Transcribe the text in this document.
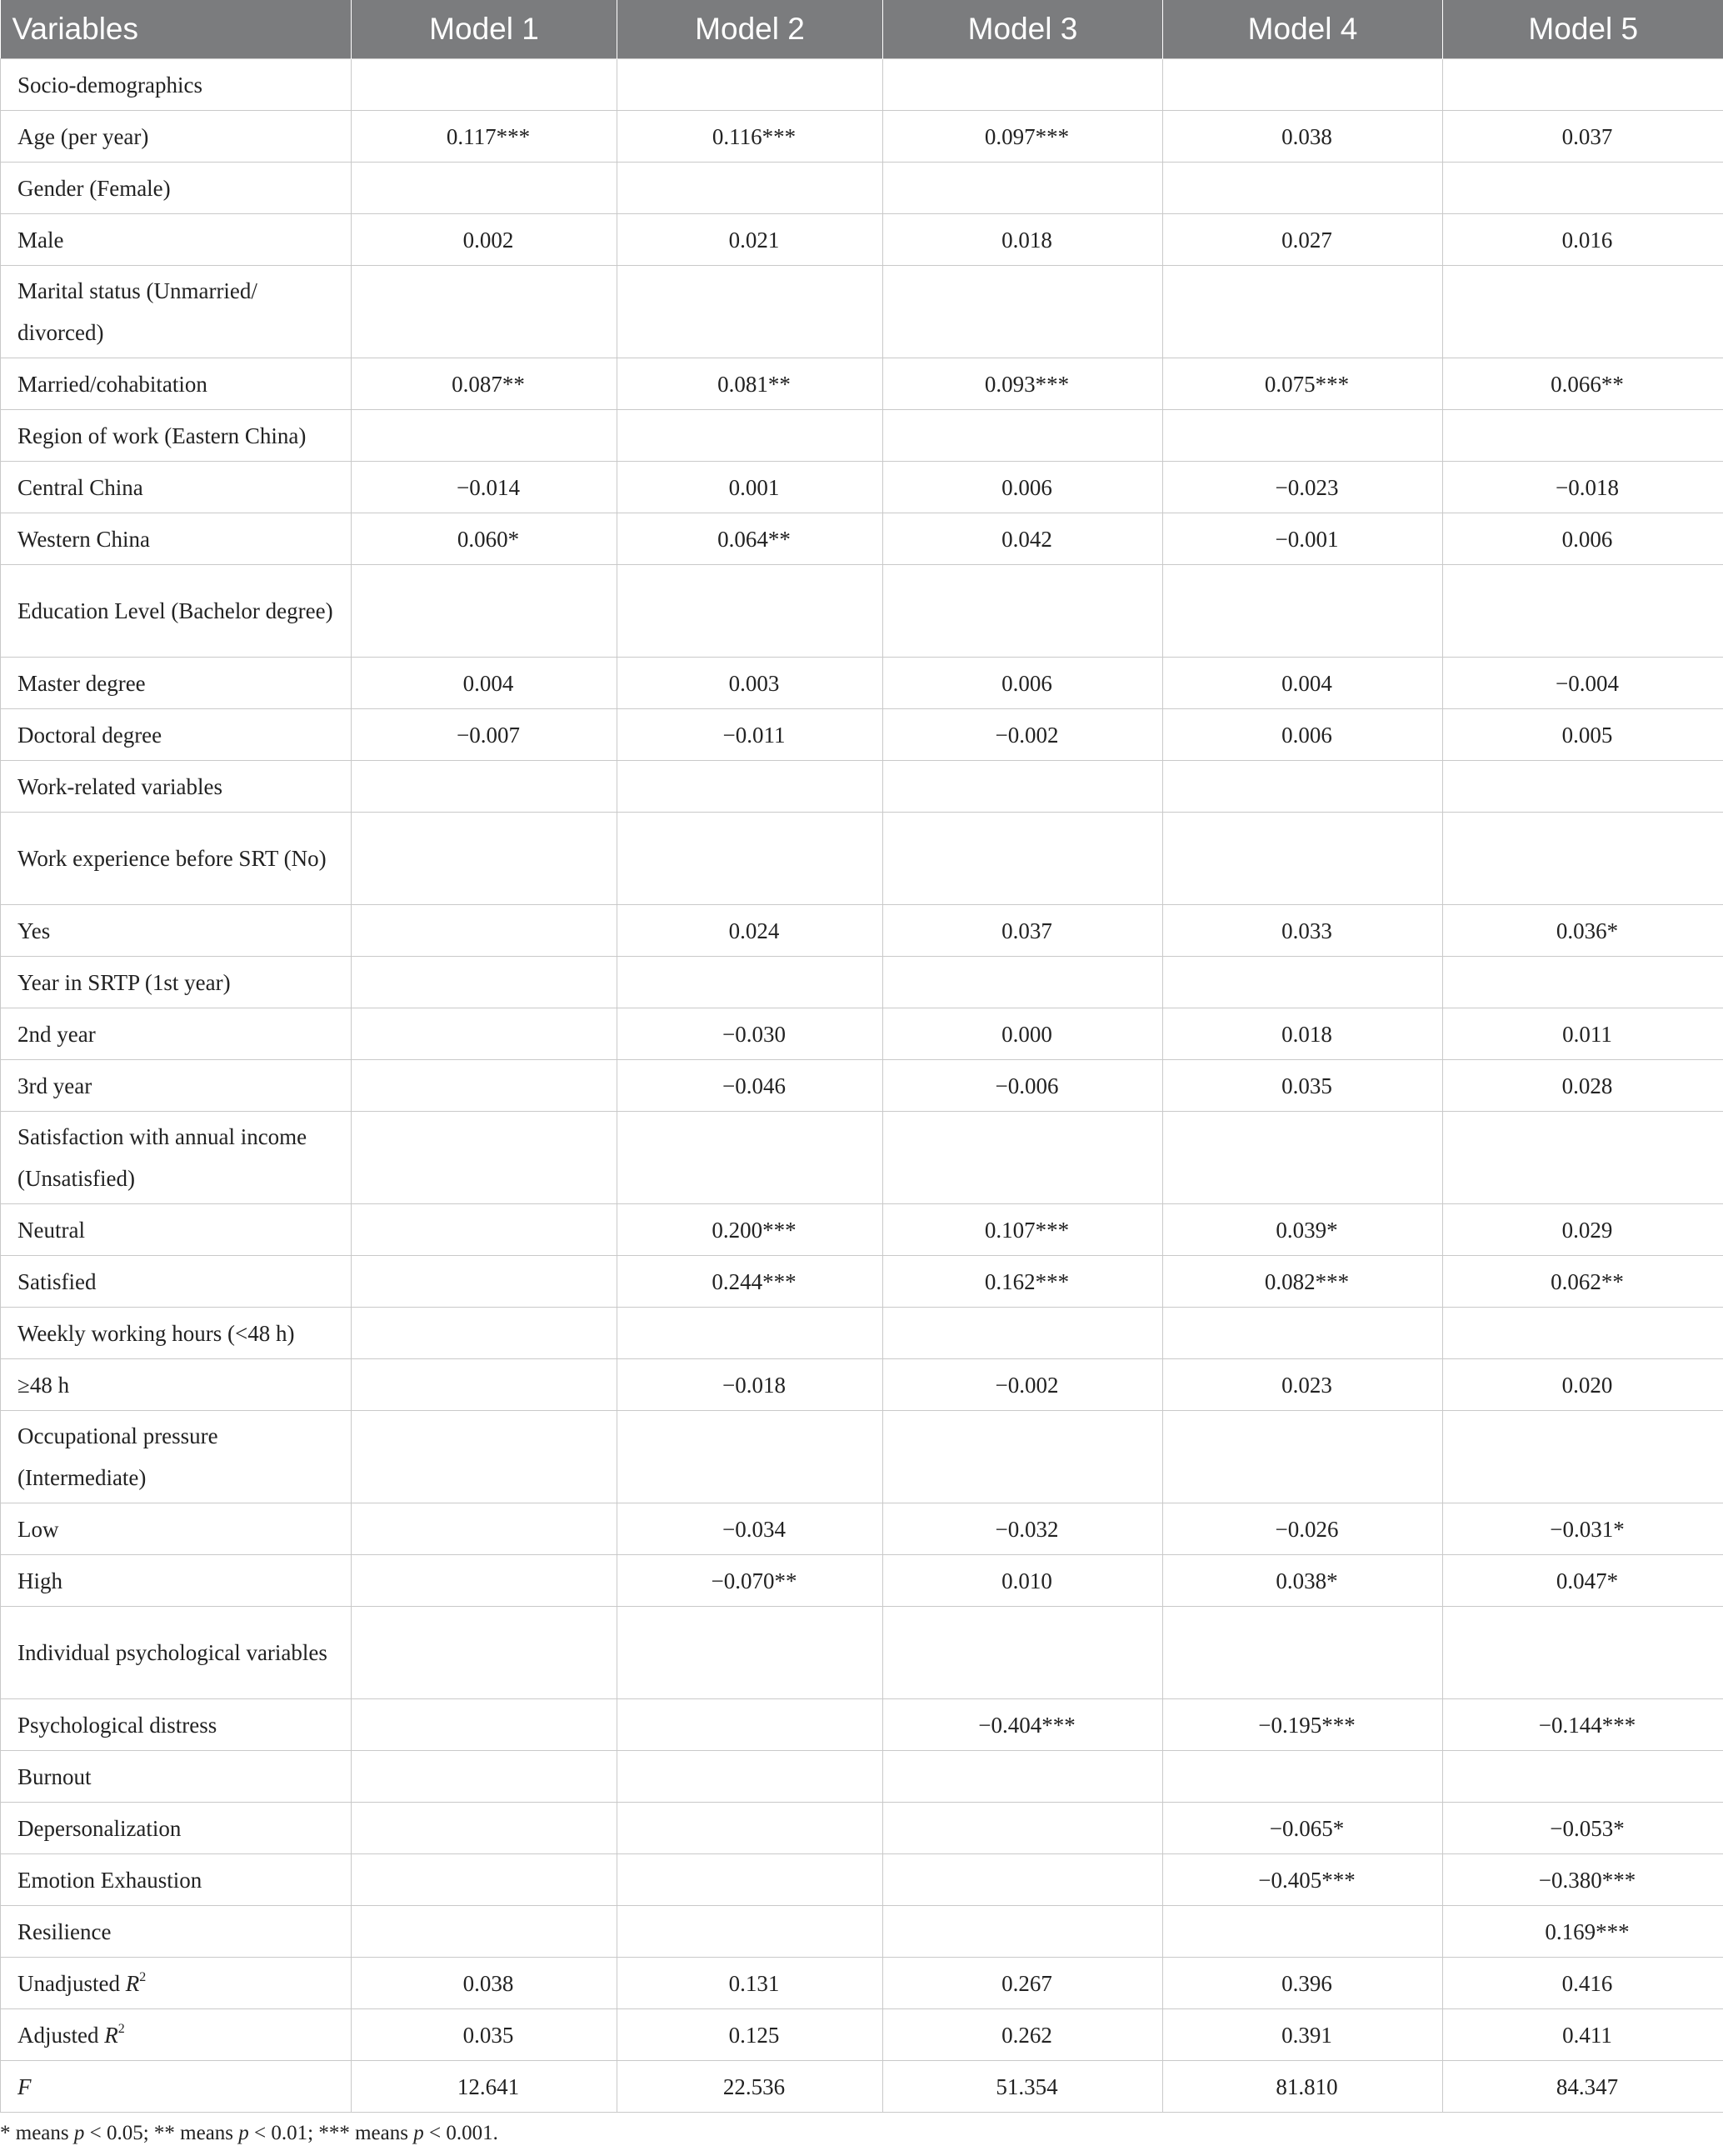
Variables	Model 1	Model 2	Model 3	Model 4	Model 5
Socio-demographics					
Age (per year)	0.117***	0.116***	0.097***	0.038	0.037
Gender (Female)					
Male	0.002	0.021	0.018	0.027	0.016
Marital status (Unmarried/ divorced)					
Married/cohabitation	0.087**	0.081**	0.093***	0.075***	0.066**
Region of work (Eastern China)					
Central China	−0.014	0.001	0.006	−0.023	−0.018
Western China	0.060*	0.064**	0.042	−0.001	0.006
Education Level (Bachelor degree)					
Master degree	0.004	0.003	0.006	0.004	−0.004
Doctoral degree	−0.007	−0.011	−0.002	0.006	0.005
Work-related variables					
Work experience before SRT (No)					
Yes		0.024	0.037	0.033	0.036*
Year in SRTP (1st year)					
2nd year		−0.030	0.000	0.018	0.011
3rd year		−0.046	−0.006	0.035	0.028
Satisfaction with annual income (Unsatisfied)					
Neutral		0.200***	0.107***	0.039*	0.029
Satisfied		0.244***	0.162***	0.082***	0.062**
Weekly working hours (<48 h)					
≥48 h		−0.018	−0.002	0.023	0.020
Occupational pressure (Intermediate)					
Low		−0.034	−0.032	−0.026	−0.031*
High		−0.070**	0.010	0.038*	0.047*
Individual psychological variables					
Psychological distress			−0.404***	−0.195***	−0.144***
Burnout					
Depersonalization				−0.065*	−0.053*
Emotion Exhaustion				−0.405***	−0.380***
Resilience					0.169***
Unadjusted $R^2$	0.038	0.131	0.267	0.396	0.416
Adjusted $R^2$	0.035	0.125	0.262	0.391	0.411
F	12.641	22.536	51.354	81.810	84.347
* means p < 0.05; ** means p < 0.01; *** means p < 0.001.
